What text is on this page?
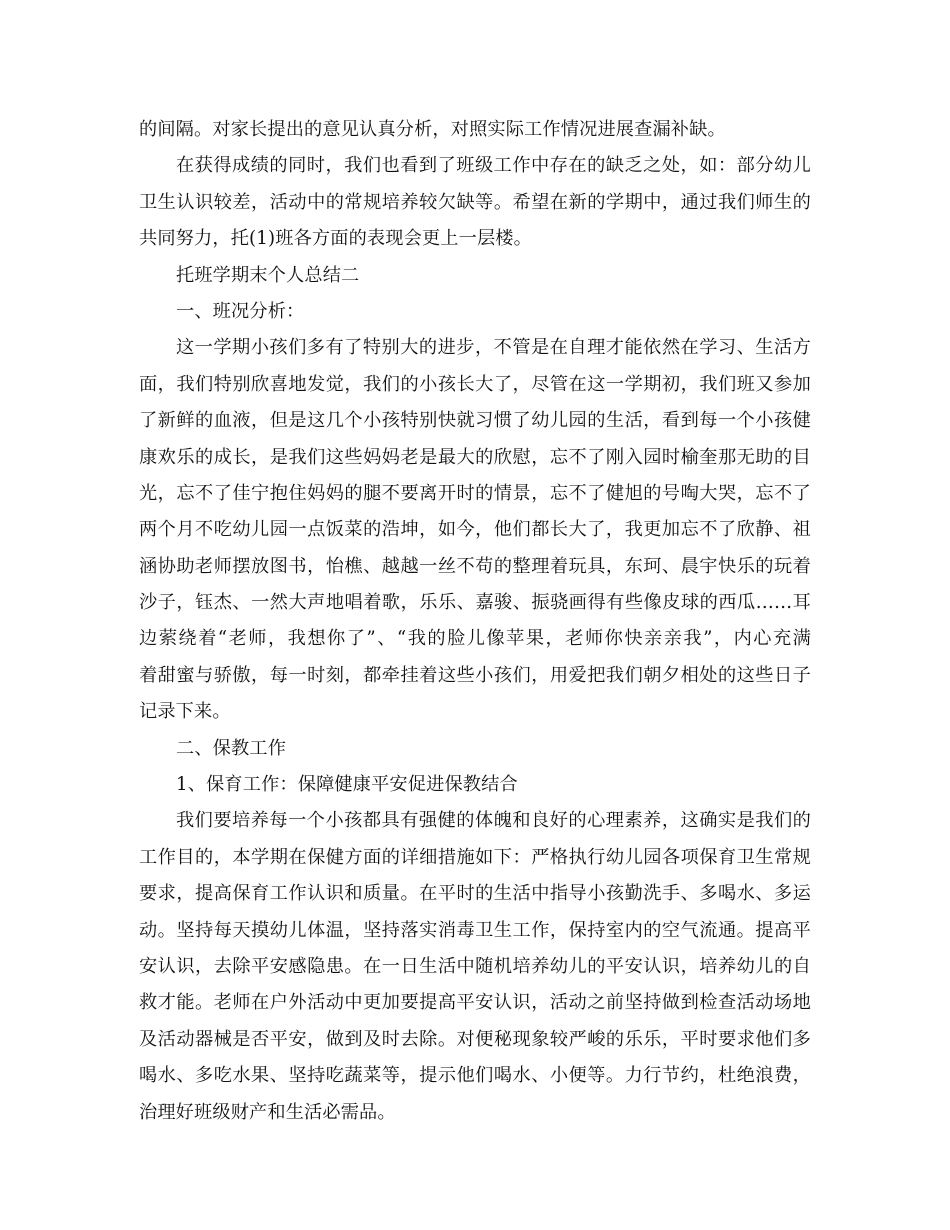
的间隔。对家长提出的意见认真分析，对照实际工作情况进展查漏补缺。
在获得成绩的同时，我们也看到了班级工作中存在的缺乏之处，如：部分幼儿
卫生认识较差，活动中的常规培养较欠缺等。希望在新的学期中，通过我们师生的
共同努力，托(1)班各方面的表现会更上一层楼。
托班学期末个人总结二
一、班况分析：
这一学期小孩们多有了特别大的进步，不管是在自理才能依然在学习、生活方
面，我们特别欣喜地发觉，我们的小孩长大了，尽管在这一学期初，我们班又参加
了新鲜的血液，但是这几个小孩特别快就习惯了幼儿园的生活，看到每一个小孩健
康欢乐的成长，是我们这些妈妈老是最大的欣慰，忘不了刚入园时榆奎那无助的目
光，忘不了佳宁抱住妈妈的腿不要离开时的情景，忘不了健旭的号啕大哭，忘不了
两个月不吃幼儿园一点饭菜的浩坤，如今，他们都长大了，我更加忘不了欣静、祖
涵协助老师摆放图书，怡樵、越越一丝不苟的整理着玩具，东珂、晨宇快乐的玩着
沙子，钰杰、一然大声地唱着歌，乐乐、嘉骏、振骁画得有些像皮球的西瓜……耳
边萦绕着“老师，我想你了”、“我的脸儿像苹果，老师你快亲亲我”，内心充满
着甜蜜与骄傲，每一时刻，都牵挂着这些小孩们，用爱把我们朝夕相处的这些日子
记录下来。
二、保教工作
1、保育工作：保障健康平安促进保教结合
我们要培养每一个小孩都具有强健的体魄和良好的心理素养，这确实是我们的
工作目的，本学期在保健方面的详细措施如下：严格执行幼儿园各项保育卫生常规
要求，提高保育工作认识和质量。在平时的生活中指导小孩勤洗手、多喝水、多运
动。坚持每天摸幼儿体温，坚持落实消毒卫生工作，保持室内的空气流通。提高平
安认识，去除平安感隐患。在一日生活中随机培养幼儿的平安认识，培养幼儿的自
救才能。老师在户外活动中更加要提高平安认识，活动之前坚持做到检查活动场地
及活动器械是否平安，做到及时去除。对便秘现象较严峻的乐乐，平时要求他们多
喝水、多吃水果、坚持吃蔬菜等，提示他们喝水、小便等。力行节约，杜绝浪费，
治理好班级财产和生活必需品。
